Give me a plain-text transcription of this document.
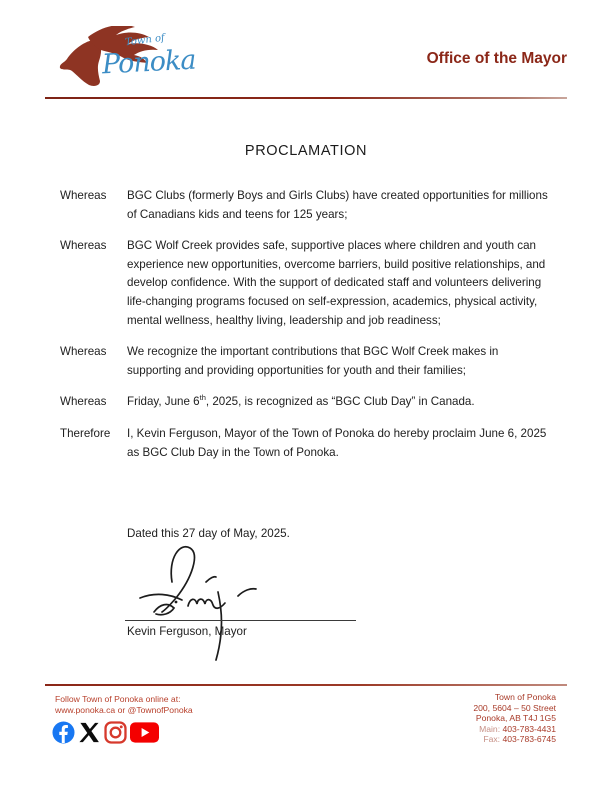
Town of
Ponoka	Office of the Mayor
PROCLAMATION
Whereas	BGC Clubs (formerly Boys and Girls Clubs) have created opportunities for millions of Canadians kids and teens for 125 years;
Whereas	BGC Wolf Creek provides safe, supportive places where children and youth can experience new opportunities, overcome barriers, build positive relationships, and develop confidence. With the support of dedicated staff and volunteers delivering life-changing programs focused on self-expression, academics, physical activity, mental wellness, healthy living, leadership and job readiness;
Whereas	We recognize the important contributions that BGC Wolf Creek makes in supporting and providing opportunities for youth and their families;
Whereas	Friday, June 6th, 2025, is recognized as “BGC Club Day” in Canada.
Therefore	I, Kevin Ferguson, Mayor of the Town of Ponoka do hereby proclaim June 6, 2025 as BGC Club Day in the Town of Ponoka.
Dated this 27 day of May, 2025.
Kevin Ferguson, Mayor
Follow Town of Ponoka online at:
www.ponoka.ca or @TownofPonoka
Town of Ponoka
200, 5604 – 50 Street
Ponoka, AB T4J 1G5
Main: 403-783-4431
Fax: 403-783-6745
